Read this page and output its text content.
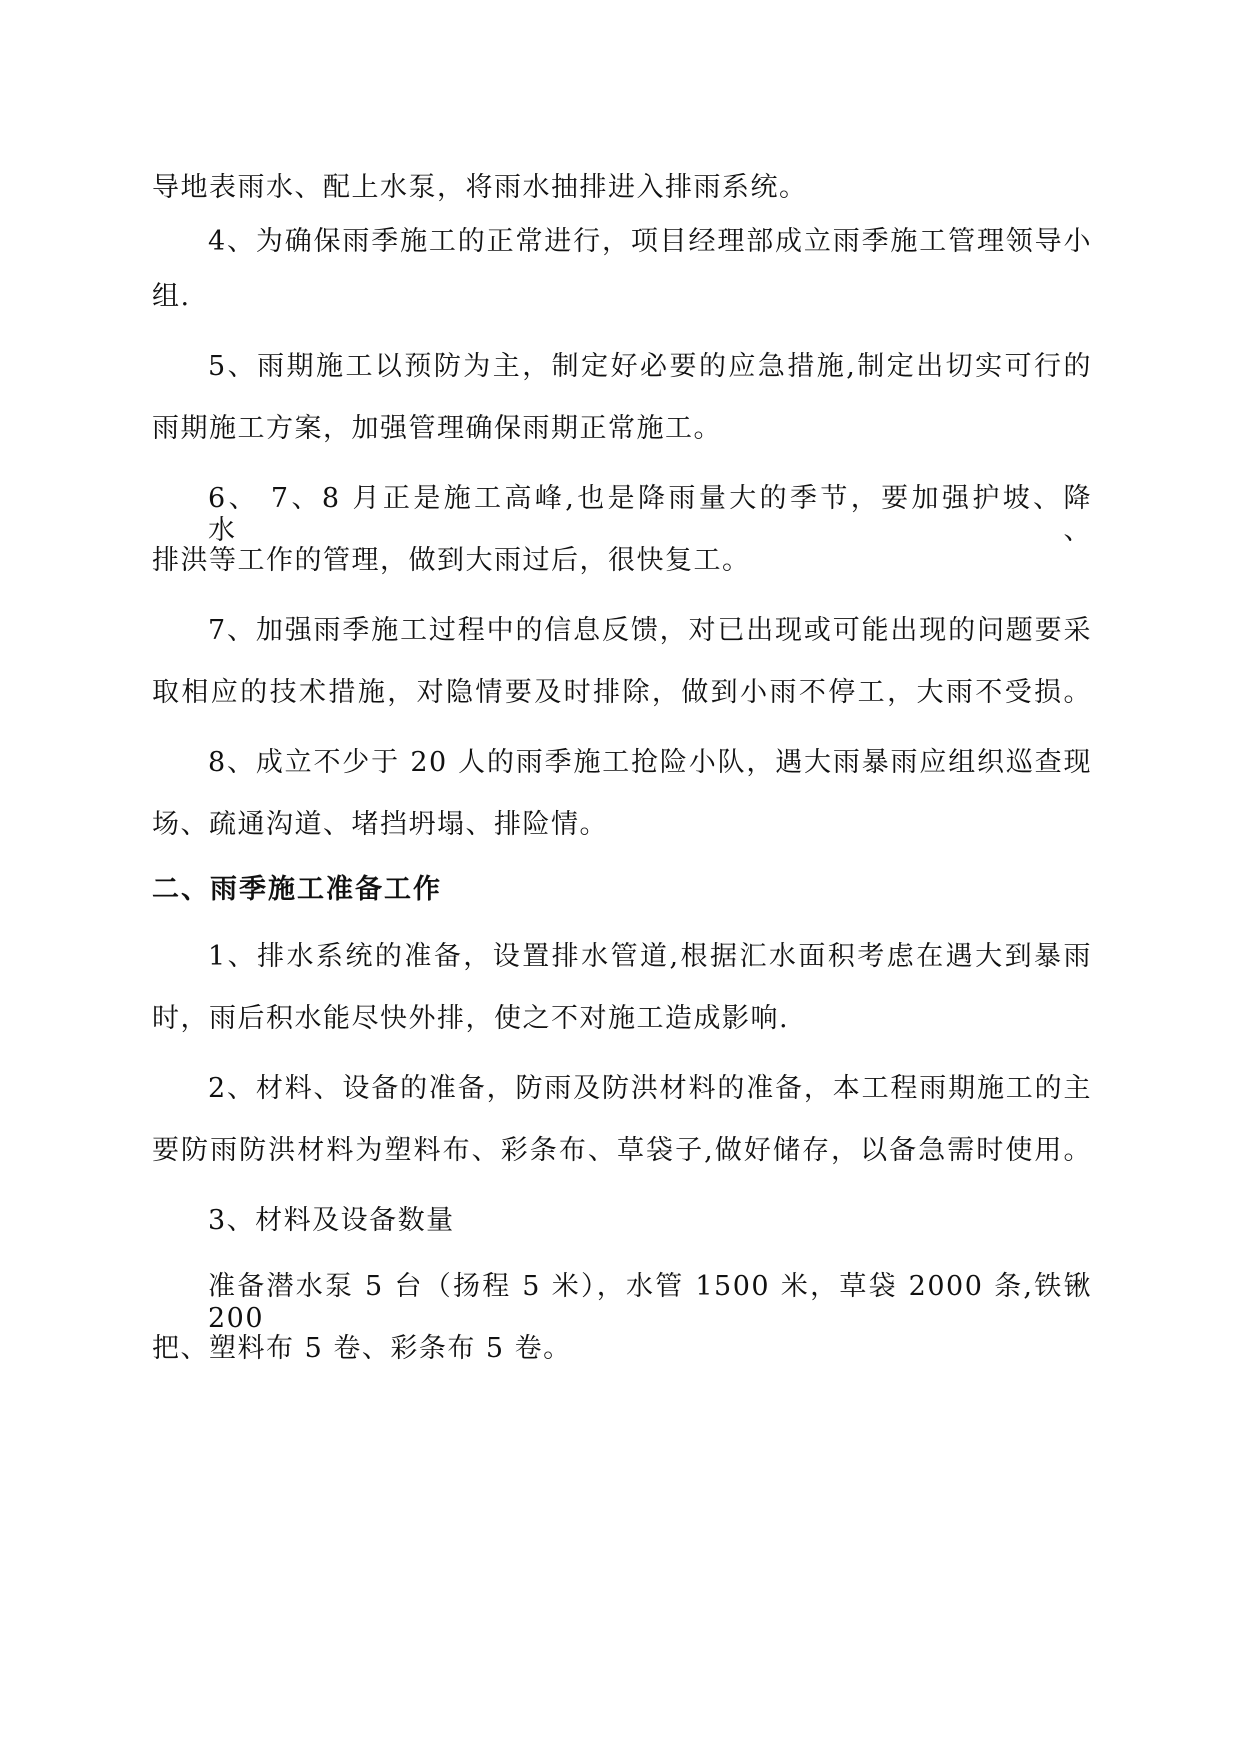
导地表雨水、配上水泵，将雨水抽排进入排雨系统。
4、为确保雨季施工的正常进行，项目经理部成立雨季施工管理领导小
组.
5、雨期施工以预防为主，制定好必要的应急措施,制定出切实可行的
雨期施工方案，加强管理确保雨期正常施工。
6、 7、8 月正是施工高峰,也是降雨量大的季节，要加强护坡、降水、
排洪等工作的管理，做到大雨过后，很快复工。
7、加强雨季施工过程中的信息反馈，对已出现或可能出现的问题要采
取相应的技术措施，对隐情要及时排除，做到小雨不停工，大雨不受损。
8、成立不少于 20 人的雨季施工抢险小队，遇大雨暴雨应组织巡查现
场、疏通沟道、堵挡坍塌、排险情。
二、雨季施工准备工作
1、排水系统的准备，设置排水管道,根据汇水面积考虑在遇大到暴雨
时，雨后积水能尽快外排，使之不对施工造成影响.
2、材料、设备的准备，防雨及防洪材料的准备，本工程雨期施工的主
要防雨防洪材料为塑料布、彩条布、草袋子,做好储存，以备急需时使用。
3、材料及设备数量
准备潜水泵 5 台（扬程 5 米），水管 1500 米，草袋 2000 条,铁锹 200
把、塑料布 5 卷、彩条布 5 卷。
